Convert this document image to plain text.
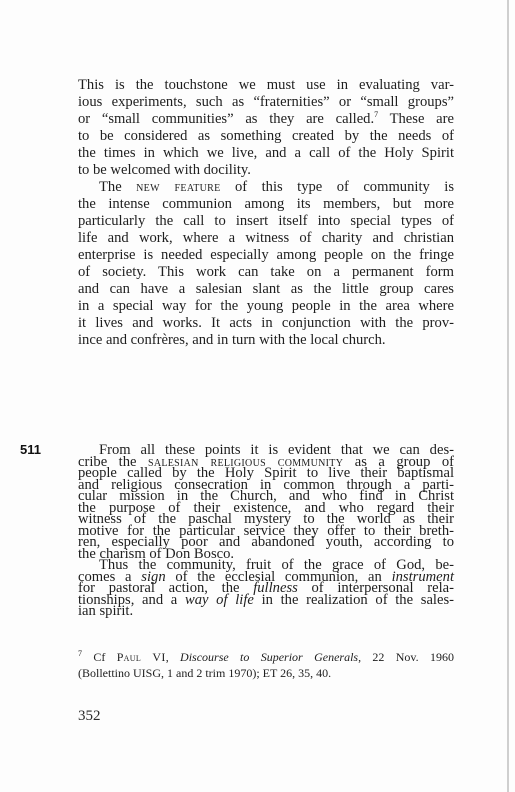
This is the touchstone we must use in evaluating var-
ious experiments, such as “fraternities” or “small groups”
or “small communities” as they are called.$^7$ These are
to be considered as something created by the needs of
the times in which we live, and a call of the Holy Spirit
to be welcomed with docility.
The new feature of this type of community is
the intense communion among its members, but more
particularly the call to insert itself into special types of
life and work, where a witness of charity and christian
enterprise is needed especially among people on the fringe
of society. This work can take on a permanent form
and can have a salesian slant as the little group cares
in a special way for the young people in the area where
it lives and works. It acts in conjunction with the prov-
ince and confrères, and in turn with the local church.
511	From all these points it is evident that we can des-
cribe the salesian religious community as a group of
people called by the Holy Spirit to live their baptismal
and religious consecration in common through a parti-
cular mission in the Church, and who find in Christ
the purpose of their existence, and who regard their
witness of the paschal mystery to the world as their
motive for the particular service they offer to their breth-
ren, especially poor and abandoned youth, according to
the charism of Don Bosco.
Thus the community, fruit of the grace of God, be-
comes a sign of the ecclesial communion, an instrument
for pastoral action, the fullness of interpersonal rela-
tionships, and a way of life in the realization of the sales-
ian spirit.
352
$^7$ Cf Paul VI, Discourse to Superior Generals, 22 Nov. 1960
(Bollettino UISG, 1 and 2 trim 1970); ET 26, 35, 40.
